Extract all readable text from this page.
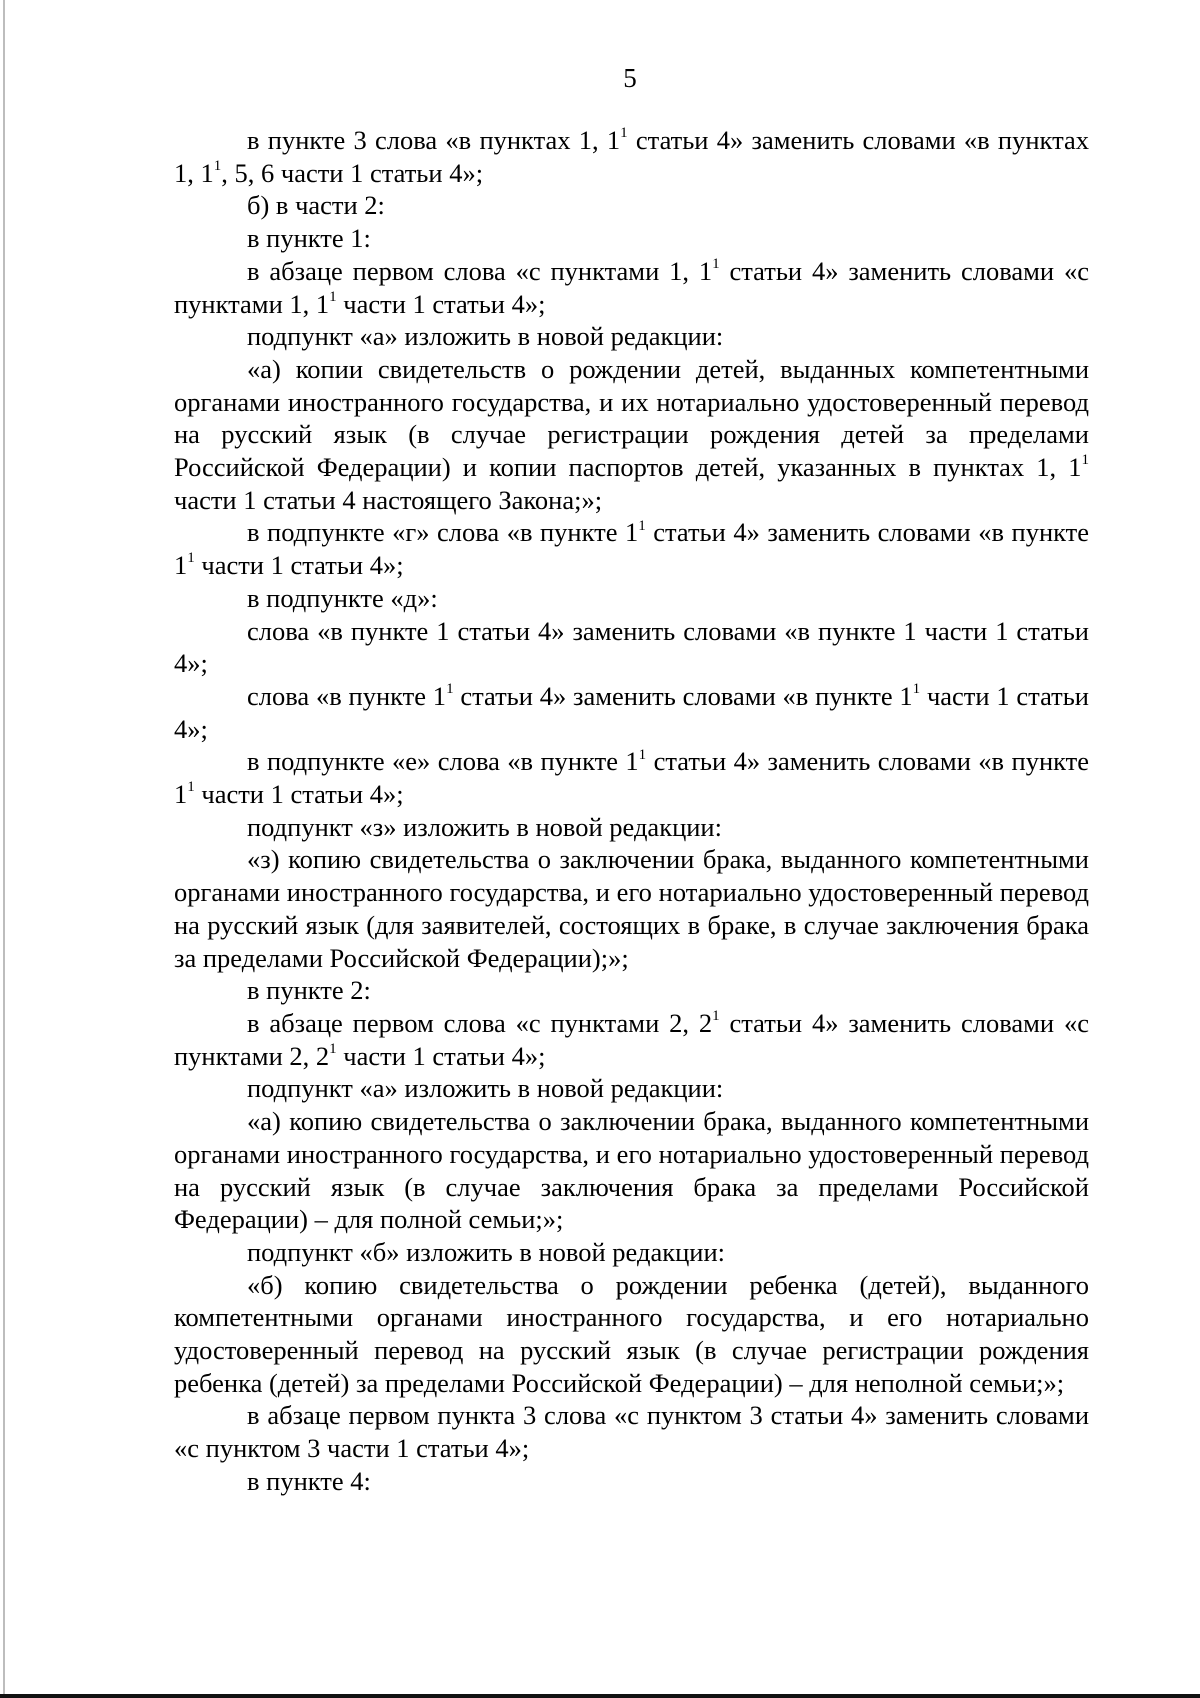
5

в пункте 3 слова «в пунктах 1, $1^1$ статьи 4» заменить словами «в пунктах 1, $1^1$, 5, 6 части 1 статьи 4»;

б) в части 2:

в пункте 1:

в абзаце первом слова «с пунктами 1, $1^1$ статьи 4» заменить словами «с пунктами 1, $1^1$ части 1 статьи 4»;

подпункт «а» изложить в новой редакции:

«а) копии свидетельств о рождении детей, выданных компетентными органами иностранного государства, и их нотариально удостоверенный перевод на русский язык (в случае регистрации рождения детей за пределами Российской Федерации) и копии паспортов детей, указанных в пунктах 1, $1^1$ части 1 статьи 4 настоящего Закона;»;

в подпункте «г» слова «в пункте $1^1$ статьи 4» заменить словами «в пункте $1^1$ части 1 статьи 4»;

в подпункте «д»:

слова «в пункте 1 статьи 4» заменить словами «в пункте 1 части 1 статьи 4»;

слова «в пункте $1^1$ статьи 4» заменить словами «в пункте $1^1$ части 1 статьи 4»;

в подпункте «е» слова «в пункте $1^1$ статьи 4» заменить словами «в пункте $1^1$ части 1 статьи 4»;

подпункт «з» изложить в новой редакции:

«з) копию свидетельства о заключении брака, выданного компетентными органами иностранного государства, и его нотариально удостоверенный перевод на русский язык (для заявителей, состоящих в браке, в случае заключения брака за пределами Российской Федерации);»;

в пункте 2:

в абзаце первом слова «с пунктами 2, $2^1$ статьи 4» заменить словами «с пунктами 2, $2^1$ части 1 статьи 4»;

подпункт «а» изложить в новой редакции:

«а) копию свидетельства о заключении брака, выданного компетентными органами иностранного государства, и его нотариально удостоверенный перевод на русский язык (в случае заключения брака за пределами Российской Федерации) – для полной семьи;»;

подпункт «б» изложить в новой редакции:

«б) копию свидетельства о рождении ребенка (детей), выданного компетентными органами иностранного государства, и его нотариально удостоверенный перевод на русский язык (в случае регистрации рождения ребенка (детей) за пределами Российской Федерации) – для неполной семьи;»;

в абзаце первом пункта 3 слова «с пунктом 3 статьи 4» заменить словами «с пунктом 3 части 1 статьи 4»;

в пункте 4:
